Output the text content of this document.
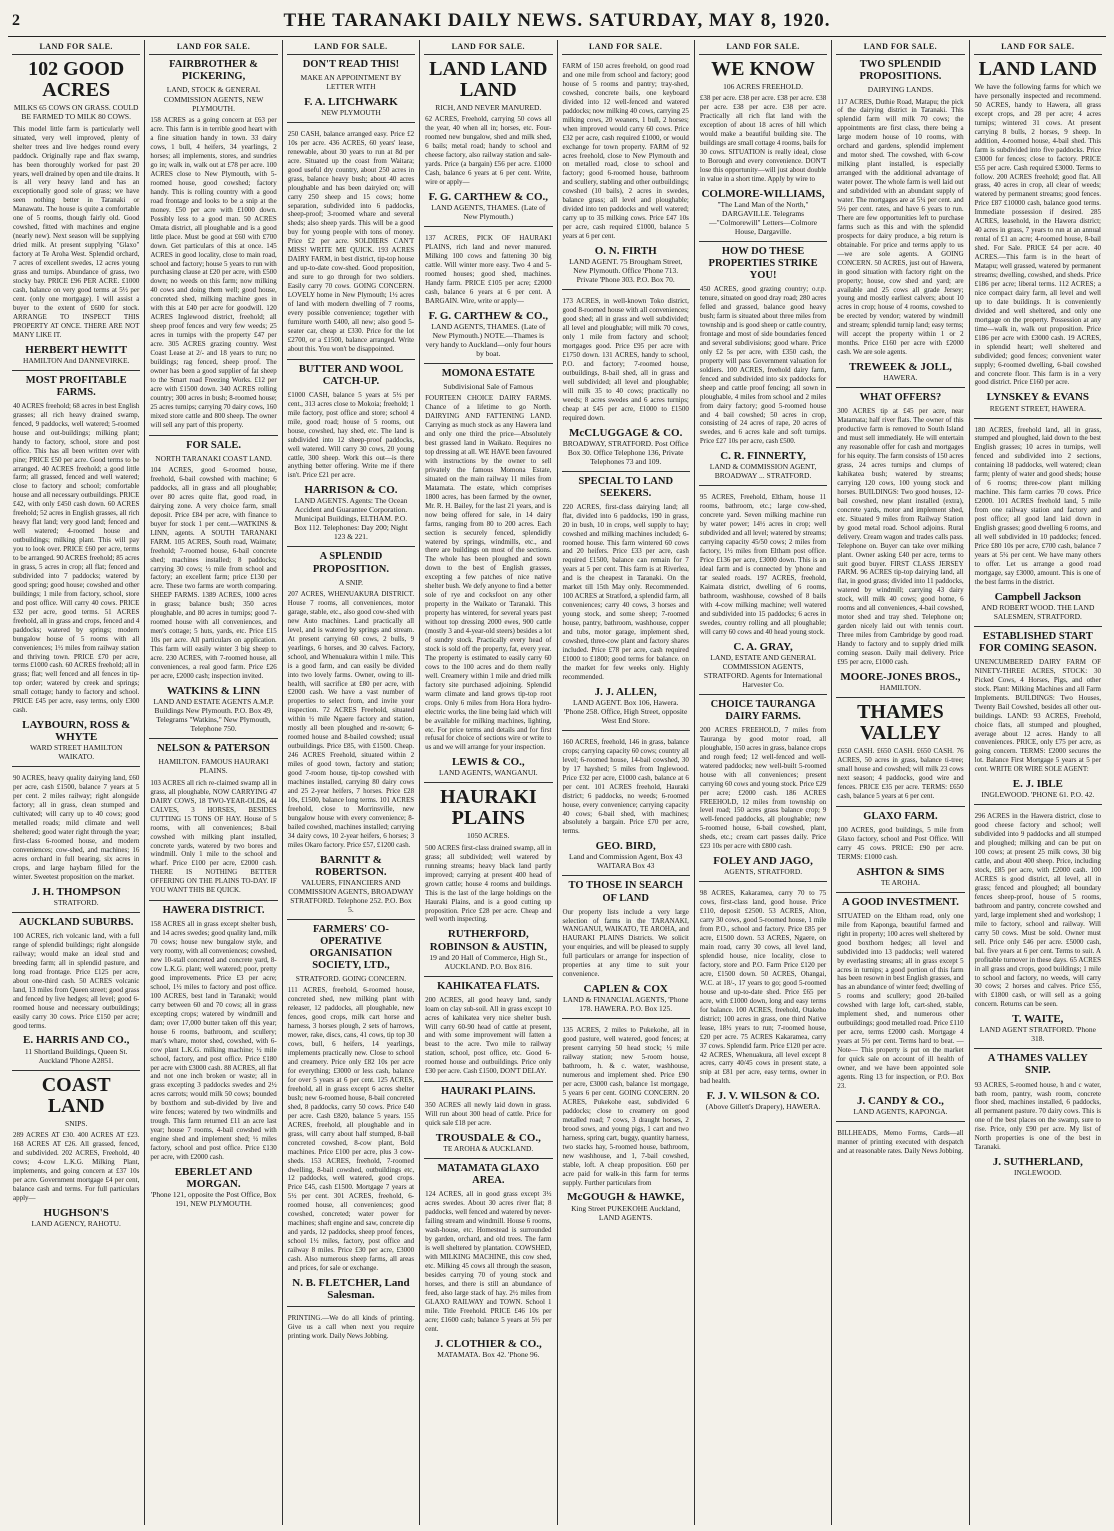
2	THE TARANAKI DAILY NEWS. SATURDAY, MAY 8, 1920.
LAND FOR SALE.
102 GOOD ACRES
MILKS 65 COWS ON GRASS. COULD BE FARMED TO MILK 80 COWS.
This model little farm is particularly well situated, very well improved, plenty of shelter trees and live hedges round every paddock. Originally rape and flax swamp, has been thoroughly worked for past 20 years, well drained by open and tile drains. It is all very heavy land and has an exceptionally good sole of grass; we have seen nothing better in Taranaki or Manawatu. The house is quite a comfortable one of 5 rooms, though fairly old. Good cowshed, fitted with machines and engine (nearly new). Next season will be supplying dried milk. At present supplying "Glaxo" factory at Te Aroha West. Splendid orchard, 7 acres of excellent swedes, 12 acres young grass and turnips. Abundance of grass, two stocky bay. PRICE £96 PER ACRE. £1000 cash, balance on very good terms at 5½ per cent. (only one mortgage). I will assist a buyer to the extent of £600 for stock. ARRANGE TO INSPECT THIS PROPERTY AT ONCE. THERE ARE NOT MANY LIKE IT.
HERBERT HEWITT
HAMILTON And DANNEVIRKE.
MOST PROFITABLE FARMS.
40 ACRES freehold; 68 acres in best English grasses; all rich heavy drained swamp, fenced, 9 paddocks, well watered; 5-roomed house and out-buildings; milking plant; handy to factory, school, store and post office. This has all been written over with pine; PRICE £50 per acre. Good terms to be arranged. 40 ACRES freehold; a good little farm; all grassed, fenced and well watered; close to factory and school; comfortable house and all necessary outbuildings. PRICE £42, with only £450 cash down. 60 ACRES freehold; 52 acres in English grasses, all rich heavy flat land; very good land; fenced and well watered; 4-roomed house and outbuildings; milking plant. This will pay you to look over. PRICE £60 per acre, terms to be arranged. 90 ACRES freehold; 85 acres in grass, 5 acres in crop; all flat; fenced and subdivided into 7 paddocks; watered by good spring; good house; cowshed and other buildings; 1 mile from factory, school, store and post office. Will carry 40 cows. PRICE £32 per acre, good terms. 51 ACRES freehold, all in grass and crops, fenced and 4 paddocks; watered by springs; modern bungalow house of 5 rooms with all conveniences; 1½ miles from railway station and thriving town. PRICE £70 per acre, terms £1000 cash. 60 ACRES freehold; all in grass; flat; well fenced and all fences in tip-top order; watered by creek and springs; small cottage; handy to factory and school. PRICE £45 per acre, easy terms, only £300 cash.
LAYBOURN, ROSS & WHYTE
WARD STREET HAMILTON WAIKATO.
90 ACRES, heavy quality dairying land, £60 per acre, cash £1500, balance 7 years at 5 per cent. 2 miles railway; right alongside factory; all in grass, clean stumped and cultivated; will carry up to 40 cows; good metalled roads; mild climate and well sheltered; good water right through the year; first-class 6-roomed house, and modern conveniences; cow-shed, and machines; 16 acres orchard in full bearing, six acres in crops, and large haybarn filled for the winter. Sweetest proposition on the market.
J. H. THOMPSON
STRATFORD.
AUCKLAND SUBURBS.
100 ACRES, rich volcanic land, with a full range of splendid buildings; right alongside railway; would make an ideal stud and breeding farm; all in splendid pasture, and long road frontage. Price £125 per acre, about one-third cash. 50 ACRES volcanic land, 13 miles from Queen street; good grass and fenced by live hedges; all level; good 6-roomed house and necessary outbuildings; easily carry 30 cows. Price £150 per acre; good terms.
E. HARRIS AND CO.,
11 Shortland Buildings, Queen St. Auckland 'Phone A2851.
COAST LAND
SNIPS.
289 ACRES AT £30. 400 ACRES AT £23. 168 ACRES AT £26. All grassed, fenced, and subdivided. 202 ACRES, Freehold, 40 cows; 4-cow L.K.G. Milking Plant, implements, and going concern at £37 10s per acre. Government mortgage £4 per cent, balance cash and terms. For full particulars apply—
HUGHSON'S
LAND AGENCY, RAHOTU.
LAND FOR SALE.
FAIRBROTHER & PICKERING,
LAND, STOCK & GENERAL COMMISSION AGENTS, NEW PLYMOUTH.
158 ACRES as a going concern at £63 per acre. This farm is in terrible good heart with a fine situation handy in town. 33 dairy cows, 1 bull, 4 heifers, 34 yearlings, 2 horses; all implements, stores, and sundries go in; walk in, walk out at £78 per acre. 100 ACRES close to New Plymouth, with 5-roomed house, good cowshed; factory handy. This is rolling country with a good road frontage and looks to be a snip at the money. £50 per acre with £1000 down. Possibly less to a good man. 50 ACRES Omata district, all ploughable and is a good little place. Must be good at £60 with £700 down. Get particulars of this at once. 145 ACRES in good locality, close to main road, school and factory; house 5 years to run with purchasing clause at £20 per acre, with £500 down; no weeds on this farm; now milking 40 cows and doing them well; good house, concreted shed, milking machine goes in with this at £40 per acre for goodwill. 120 ACRES Inglewood district, freehold; all sheep proof fences and very few weeds; 25 acres in turnips with the property £47 per acre. 305 ACRES grazing country. West Coast Lease at 2/- and 18 years to run; no buildings; rag fenced, sheep proof. The owner has been a good supplier of fat sheep to the Smart road Freezing Works. £12 per acre with £1500 down. 340 ACRES rolling country; 300 acres in bush; 8-roomed house; 25 acres turnips; carrying 70 dairy cows, 160 mixed store cattle and 800 sheep. The owner will sell any part of this property.
FOR SALE.
NORTH TARANAKI COAST LAND.
104 ACRES, good 6-roomed house, freehold, 6-bail cowshed with machine; 6 paddocks, all in grass and all ploughable; over 80 acres quite flat, good road, in dairying zone. A very choice farm, small deposit. Price £84 per acre, with finance to buyer for stock 1 per cent.—WATKINS & LINN, agents. A SOUTH TARANAKI FARM. 105 ACRES, South road, Waimate; freehold; 7-roomed house, 6-bail concrete shed; machines installed; 8 paddocks; carrying 30 cows; ½ mile from school and factory; an excellent farm; price £130 per acre. These two farms are worth comparing. SHEEP FARMS. 1389 ACRES, 1000 acres in grass; balance bush; 350 acres ploughable, and 80 acres in turnips; good 7-roomed house with all conveniences, and men's cottage; 5 huts, yards, etc. Price £15 10s per acre. All particulars on application. This farm will easily winter 3 big sheep to acre. 230 ACRES, with 7-roomed house, all conveniences, a real good farm. Price £26 per acre, £2000 cash; inspection invited.
WATKINS & LINN
LAND AND ESTATE AGENTS A.M.P. Buildings New Plymouth. P.O. Box 49, Telegrams "Watkins," New Plymouth, Telephone 750.
NELSON & PATERSON
HAMILTON. FAMOUS HAURAKI PLAINS.
103 ACRES all rich re-claimed swamp all in grass, all ploughable, NOW CARRYING 47 DAIRY COWS, 18 TWO-YEAR-OLDS, 44 CALVES, 3 HORSES, BESIDES CUTTING 15 TONS OF HAY. House of 5 rooms, with all conveniences; 8-bail cowshed with milking plant installed, concrete yards, watered by two bores and windmill. Only 1 mile to the school and wharf. Price £100 per acre, £2000 cash. THERE IS NOTHING BETTER OFFERING ON THE PLAINS TO-DAY. IF YOU WANT THIS BE QUICK.
HAWERA DISTRICT.
158 ACRES all in grass except shelter bush, and 14 acres swedes; good quality land, milk 70 cows; house new bungalow style, and very roomy, with all conveniences; cowshed, new 10-stall concreted and concrete yard, 8-cow L.K.G. plant; well watered; poor, pretty good improvements. Price £3 per acre; school, 1½ miles to factory and post office. 100 ACRES, best land in Taranaki; would carry between 60 and 70 cows; all in grass excepting crops; watered by windmill and dam; over 17,000 butter taken off this year; house 6 rooms, bathroom, and scullery; man's whare, motor shed, cowshed, with 6-cow plant L.K.G. milking machine; ½ mile school, factory, and post office. Price £180 per acre with £3000 cash. 88 ACRES, all flat and not one inch broken or waste; all in grass excepting 3 paddocks swedes and 2½ acres carrots; would milk 50 cows; bounded by boxthorn and sub-divided by live and wire fences; watered by two windmills and trough. This farm returned £11 an acre last year; house 7 rooms, 4-bail cowshed with engine shed and implement shed; ½ miles factory, school and post office. Price £130 per acre, with £2000 cash.
EBERLET AND MORGAN.
'Phone 121, opposite the Post Office, Box 191, NEW PLYMOUTH.
LAND FOR SALE.
DON'T READ THIS!
MAKE AN APPOINTMENT BY LETTER WITH
F. A. LITCHWARK
NEW PLYMOUTH
250 CASH, balance arranged easy. Price £2 10s per acre. 436 ACRES, 60 years' lease, renewable, about 30 years to run at 8d per acre. Situated up the coast from Waitara; good useful dry country, about 250 acres in grass, balance heavy bush; about 40 acres ploughable and has been dairyied on; will carry 250 sheep and 15 cows; home separation, subdivided into 6 paddocks, sheep-proof; 3-roomed whare and several sheds; also sheep yards. This will be a good buy for young people with tons of money. Price £2 per acre. SOLDIERS CAN'T MISS! WRITE ME QUICK. 193 ACRES DAIRY FARM, in best district, tip-top house and up-to-date cow-shed. Good proposition, and sure to go through for two soldiers. Easily carry 70 cows. GOING CONCERN. LOVELY home in New Plymouth; 1½ acres of land with modern dwelling of 7 rooms, every possible convenience; together with furniture worth £400, all new; also good 5-seater car, cheap at £330. Price for the lot £2700, or a £1500, balance arranged. Write about this. You won't be disappointed.
BUTTER AND WOOL CATCH-UP.
£1000 CASH, balance 5 years at 5½ per cent., 313 acres close to Mokoia; freehold; 1 mile factory, post office and store; school 4 mile, good road; house of 5 rooms, out house, cowshed, hay shed, etc. The land is subdivided into 12 sheep-proof paddocks, well watered. Will carry 30 cows, 20 young cattle, 300 sheep. Work this out—is there anything better offering. Write me if there isn't. Price £21 per acre.
HARRISON & CO.
LAND AGENTS. Agents: The Ocean Accident and Guarantee Corporation. Municipal Buildings, ELTHAM. P.O. Box 112. Telephones: Day 200; Night 123 & 221.
A SPLENDID PROPOSITION.
A SNIP.
207 ACRES, WHENUAKURA DISTRICT. House 7 rooms, all conveniences, motor garage, stable, etc., also good cow-shed with new Auto machines. Land practically all level, and is watered by springs and stream. At present carrying 60 cows, 2 bulls, 9 yearlings, 6 horses, and 30 calves. Factory, school, and Whenuakura within 1 mile. This is a good farm, and can easily be divided into two lovely farms. Owner, owing to ill-health, will sacrifice at £80 per acre, with £2000 cash. We have a vast number of properties to select from, and invite your inspection. 72 ACRES Freehold, situated within ½ mile Ngaere factory and station, mostly all been ploughed and re-sown; 6-roomed house and 8-bailed cowshed; usual outbuildings. Price £85, with £1500. Cheap. 246 ACRES Freehold, situated within 2 miles of good town, factory and station; good 7-room house, tip-top cowshed with machines installed, carrying 80 dairy cows and 25 2-year heifers, 7 horses. Price £28 10s, £1500, balance long terms. 101 ACRES freehold, close to Morrinsville, new bungalow house with every convenience; 8-bailed cowshed, machines installed; carrying 34 dairy cows, 10 2-year heifers, 6 horses; 3 miles Okaro factory. Price £57, £1200 cash.
BARNITT & ROBERTSON.
VALUERS, FINANCIERS AND COMMISSION AGENTS, BROADWAY STRATFORD. Telephone 252. P.O. Box 5.
FARMERS' CO-OPERATIVE ORGANISATION SOCIETY, LTD.,
STRATFORD. GOING CONCERN.
111 ACRES, freehold, 6-roomed house, concreted shed, new milking plant with releaser, 12 paddocks, all ploughable, new fences, good crops, milk cart horse and harness, 3 horses plough, 2 sets of harrows, mower, rake, discs, cans, 41 cows, tip top 30 cows, bull, 6 heifers, 14 yearlings, implements practically new. Close to school and creamery. Price only £82 10s per acre for everything; £3000 or less cash, balance for over 5 years at 6 per cent. 125 ACRES, freehold, all in grass except 6 acres shelter bush; new 6-roomed house, 8-bail concreted shed, 8 paddocks, carry 50 cows. Price £40 per acre. Cash £820, balance 5 years. 155 ACRES, freehold, all ploughable and in grass, will carry about half stumped, 8-bail concreted cowshed, 8-cow plant, Bold machines. Price £100 per acre, plus 3 cow-sheds. 153 ACRES, freehold, 7-roomed dwelling, 8-bail cowshed, outbuildings etc, 12 paddocks, well watered, good crops. Price £45, cash £1500. Mortgage 7 years at 5½ per cent. 301 ACRES, freehold, 6-roomed house, all conveniences; good cowshed, concreted; water power for machines; shaft engine and saw, concrete dip and yards, 12 paddocks, sheep proof fences, school 1½ miles, factory, post office and railway 8 miles. Price £30 per acre, £3000 cash. Also numerous sheep farms, all areas and prices, for sale or exchange.
N. B. FLETCHER, Land Salesman.
PRINTING.—We do all kinds of printing. Give us a call when next you require printing work. Daily News Jobbing.
LAND FOR SALE.
LAND LAND LAND
RICH, AND NEVER MANURED.
62 ACRES, Freehold, carrying 50 cows all the year, 40 when all in; horses, etc. Four-roomed new bungalow, shed and milk shed, 6 bails; metal road; handy to school and cheese factory, also railway station and sale-yards. Price (a bargain) £56 per acre. £1000 Cash, balance 6 years at 6 per cent. Write, wire or apply—
F. G. CARTHEW & CO.,
LAND AGENTS, THAMES. (Late of New Plymouth.)
137 ACRES, PICK OF HAURAKI PLAINS, rich land and never manured. Milking 100 cows and fattening 30 big cattle. Will winter more easy. Two 4 and 5-roomed houses; good shed, machines. Handy farm. PRICE £105 per acre; £2000 cash, balance 6 years at 6 per cent. A BARGAIN. Wire, write or apply—
F. G. CARTHEW & CO.,
LAND AGENTS, THAMES. (Late of New Plymouth.) NOTE.—Thames is very handy to Auckland—only four hours by boat.
MOMONA ESTATE
Subdivisional Sale of Famous
FOURTEEN CHOICE DAIRY FARMS. Chance of a lifetime to go North. DAIRYING AND FATTENING LAND. Carrying as much stock as any Hawera land and only one third the price—Absolutely best grassed land in Waikato. Requires no top dressing at all. WE HAVE been favoured with instructions by the owner to sell privately the famous Momona Estate, situated on the main railway 11 miles from Matamata. The estate, which comprises 1800 acres, has been farmed by the owner, Mr. R. H. Bailey, for the last 21 years, and is now being offered for sale, in 14 dairy farms, ranging from 80 to 200 acres. Each section is securely fenced, splendidly watered by springs, windmills, etc., and there are buildings on most of the sections. The whole has been ploughed and sown down to the best of English grasses, excepting a few patches of nice native shelter bush. We defy anyone to find a better sole of rye and cocksfoot on any other property in the Waikato or Taranaki. This property has wintered, for several years past without top dressing 2000 ewes, 900 cattle (mostly 3 and 4-year-old steers) besides a lot of sundry stock. Practically every head of stock is sold off the property, fat, every year. The property is estimated to easily carry 60 cows to the 100 acres and do them really well. Creamery within 1 mile and dried milk factory site purchased adjoining. Splendid warm climate and land grows tip-top root crops. Only 6 miles from Hora Hora hydro-electric works, the line being laid which will be available for milking machines, lighting, etc. For price terms and details and for first refusal for choice of sections wire or write to us and we will arrange for your inspection.
LEWIS & CO.,
LAND AGENTS, WANGANUI.
HAURAKI PLAINS
1050 ACRES.
500 ACRES first-class drained swamp, all in grass; all subdivided; well watered by running streams; heavy black land partly improved; carrying at present 400 head of grown cattle; house 4 rooms and buildings. This is the last of the large holdings on the Hauraki Plains, and is a good cutting up proposition. Price £28 per acre. Cheap and well worth inspecting.
RUTHERFORD, ROBINSON & AUSTIN,
19 and 20 Hall of Commerce, High St., AUCKLAND. P.O. Box 816.
KAHIKATEA FLATS.
200 ACRES, all good heavy land, sandy loam on clay sub-soil. All in grass except 10 acres of kahikatea very nice shelter bush. Will carry 60-90 head of cattle at present, and with some improvement will fatten a beast to the acre. Two mile to railway station, school, post office, etc. Good 6-roomed house and outbuildings. Price only £30 per acre. Cash £1500, DON'T DELAY.
HAURAKI PLAINS.
350 ACRES all newly laid down in grass. Will run about 300 head of cattle. Price for quick sale £18 per acre.
TROUSDALE & CO.,
TE AROHA & AUCKLAND.
MATAMATA GLAXO AREA.
124 ACRES, all in good grass except 3½ acres swedes. About 30 acres river flat; 8 paddocks, well fenced and watered by never-failing stream and windmill. House 6 rooms, wash-house, etc. Homestead is surrounded by garden, orchard, and old trees. The farm is well sheltered by plantation. COWSHED, with MILKING MACHINE, this cow shed, etc. Milking 45 cows all through the season, besides carrying 70 of young stock and horses, and there is still an abundance of feed, also large stack of hay. 2½ miles from GLAXO RAILWAY and TOWN. School 1 mile. Title Freehold. PRICE £46 10s per acre; £1600 cash; balance 5 years at 5½ per cent.
J. CLOTHIER & CO.,
MATAMATA. Box 42. 'Phone 96.
LAND FOR SALE.
FARM of 150 acres freehold, on good road and one mile from school and factory; good house of 5 rooms and pantry; tray-shed, cowshed, concrete bails, one keyboard divided into 12 well-fenced and watered paddocks; now milking 40 cows, carrying 25 milking cows, 20 weaners, 1 bull, 2 horses; when improved would carry 60 cows. Price £32 per acre, cash required £1000, or would exchange for town property. FARM of 92 acres freehold, close to New Plymouth and on metalled road, close to school and factory; good 6-roomed house, bathroom and scullery, stabling and other outbuildings; cowshed (10 bails), 2 acres in swedes, balance grass; all level and ploughable; divided into ten paddocks and well watered; carry up to 35 milking cows. Price £47 10s per acre, cash required £1000, balance 5 years at 6 per cent.
O. N. FIRTH
LAND AGENT. 75 Brougham Street, New Plymouth. Office 'Phone 713. Private 'Phone 303. P.O. Box 70.
173 ACRES, in well-known Toko district, good 8-roomed house with all conveniences; good shed; all in grass and well subdivided; all level and ploughable; will milk 70 cows, only 1 mile from factory and school; mortgages good. Price £95 per acre with £1750 down. 131 ACRES, handy to school, P.O. and factory; 7-roomed house, outbuildings, 8-bail shed, all in grass and well subdivided; all level and ploughable; will milk 35 to 40 cows; practically no weeds; 8 acres swedes and 6 acres turnips; cheap at £45 per acre, £1000 to £1500 required down.
McCLUGGAGE & CO.
BROADWAY, STRATFORD. Post Office Box 30. Office Telephone 136, Private Telephones 73 and 109.
SPECIAL TO LAND SEEKERS.
220 ACRES, first-class dairying land; all flat, divided into 6 paddocks, 190 in grass, 20 in bush, 10 in crops, well supply to hay; cowshed and milking machines included; 6-roomed house. This farm wintered 60 cows and 20 heifers. Price £33 per acre, cash required £1500, balance can remain for 7 years at 5 per cent. This farm is at Riverlea, and is the cheapest in Taranaki. On the market till 15th May only. Recommended. 100 ACRES at Stratford, a splendid farm, all conveniences; carry 40 cows, 3 horses and young stock, and some sheep; 7-roomed house, pantry, bathroom, washhouse, copper and tubs, motor garage, implement shed, cowshed, three-cow plant and factory shares included. Price £78 per acre, cash required £1000 to £1800; good terms for balance. on the market for few weeks only. Highly recommended.
J. J. ALLEN,
LAND AGENT. Box 106, Hawera. 'Phone 258. Office, High Street, opposite West End Store.
160 ACRES, freehold, 146 in grass, balance crops; carrying capacity 60 cows; country all level; 6-roomed house, 14-bail cowshed, 30 by 17 hayshed; 5 miles from Inglewood. Price £32 per acre, £1000 cash, balance at 6 per cent. 101 ACRES freehold, Hauraki district; 6 paddocks, no weeds; 6-roomed house, every convenience; carrying capacity 40 cows; 6-bail shed, with machines; absolutely a bargain. Price £70 per acre, terms.
GEO. BIRD,
Land and Commission Agent, Box 43 WAITARA Box 43
TO THOSE IN SEARCH OF LAND
Our property lists include a very large selection of farms in the TARANAKI, WANGANUI, WAIKATO, TE AROHA, and HAURAKI PLAINS Districts. We solicit your enquiries, and will be pleased to supply full particulars or arrange for inspection of properties at any time to suit your convenience.
CAPLEN & COX
LAND & FINANCIAL AGENTS, 'Phone 178. HAWERA. P.O. Box 125.
135 ACRES, 2 miles to Pukekohe, all in good pasture, well watered, good fences; at present carrying 50 head stock; ½ mile railway station; new 5-room house, bathroom, h. & c. water, washhouse, numerous and implement shed. Price £90 per acre, £3000 cash, balance 1st mortgage, 5 years 6 per cent. GOING CONCERN. 20 ACRES, Pukekohe east, subdivided 6 paddocks; close to creamery on good metalled road; 7 cows, 3 draught horses, 2 brood sows, and young pigs, 1 cart and two harness, spring cart, buggy, quantity harness, two stacks hay, 5-roomed house, bathroom, new washhouse, and 1, 7-bail cowshed, stable, loft. A cheap proposition. £60 per acre paid for walk-in this farm for terms supply. Further particulars from
McGOUGH & HAWKE,
King Street PUKEKOHE Auckland, LAND AGENTS.
LAND FOR SALE.
WE KNOW
106 ACRES FREEHOLD.
£38 per acre. £38 per acre. £38 per acre. £38 per acre. £38 per acre. £38 per acre. Practically all rich flat land with the exception of about 18 acres of hill which would make a beautiful building site. The buildings are small cottage 4 rooms, bails for 30 cows. SITUATION is really ideal, close to Borough and every convenience. DON'T lose this opportunity—will just about double in value in a short time. Apply by wire to
COLMORE-WILLIAMS,
"The Land Man of the North," DARGAVILLE. Telegrams—"Colmorewill" Letters—Colmore House, Dargaville.
HOW DO THESE PROPERTIES STRIKE YOU!
450 ACRES, good grazing country; o.r.p. tenure, situated on good dray road; 280 acres felled and grassed, balance good heavy bush; farm is situated about three miles from township and is good sheep or cattle country, frontage and most of side boundaries fenced and several subdivisions; good whare. Price only £2 5s per acre, with £350 cash, the property will pass Government valuation for soldiers. 100 ACRES, freehold dairy farm, fenced and subdivided into six paddocks for sheep and cattle proof fencing; all sown in ploughable, 4 miles from school and 2 miles from dairy factory; good 5-roomed house and 4 bail cowshed; 50 acres in crop, consisting of 24 acres of rape, 20 acres of swedes, and 6 acres kale and soft turnips. Price £27 10s per acre, cash £500.
C. R. FINNERTY,
LAND & COMMISSION AGENT, BROADWAY ... STRATFORD.
95 ACRES, Freehold, Eltham, house 11 rooms, bathroom, etc.; large cow-shed, concrete yard. Seven milking machine run by water power; 14½ acres in crop; well subdivided and all level; watered by streams; carrying capacity 45/50 cows; 2 miles from factory, 1½ miles from Eltham post office. Price £136 per acre, £3000 down. This is an ideal farm and is connected by 'phone and tar sealed roads. 197 ACRES, freehold, Kaimata district, dwelling of 6 rooms, bathroom, washhouse, cowshed of 8 bails with 4-cow milking machine; well watered and subdivided into 15 paddocks; 6 acres in swedes, country rolling and all ploughable; will carry 60 cows and 40 head young stock.
C. A. GRAY,
LAND, ESTATE AND GENERAL COMMISSION AGENTS, STRATFORD. Agents for International Harvester Co.
CHOICE TAURANGA DAIRY FARMS.
200 ACRES FREEHOLD, 7 miles from Tauranga by good motor road, all ploughable, 150 acres in grass, balance crops and rough feed; 12 well-fenced and well-watered paddocks; new well-built 5-roomed house with all conveniences; present carrying 60 cows and young stock. Price £29 per acre; £2000 cash. 186 ACRES FREEHOLD, 12 miles from township on level road; 150 acres grass balance crop; 9 well-fenced paddocks, all ploughable; new 5-roomed house, 6-bail cowshed, plant, sheds, etc.; cream cart passes daily. Price £23 10s per acre with £800 cash.
FOLEY AND JAGO,
AGENTS, STRATFORD.
98 ACRES, Kakaramea, carry 70 to 75 cows, first-class land, good house. Price £110, deposit £2500. 53 ACRES, Alton, carry 30 cows, good 5-roomed house, 1 mile from P.O., school and factory. Price £85 per acre, £1500 down. 53 ACRES, Ngaere, on main road, carry 30 cows, all level land, splendid house, nice locality, close to factory, store and P.O. Farm Price £120 per acre, £1500 down. 50 ACRES, Ohangai, W.C. at 18/-, 17 years to go; good 5-roomed house and up-to-date shed. Price £65 per acre, with £1000 down, long and easy terms for balance. 100 ACRES, freehold, Otakeho district; 100 acres in grass, one third Native lease, 18½ years to run; 7-roomed house, £20 per acre. 75 ACRES Kakaramea, carry 37 cows. Splendid farm. Price £120 per acre. 42 ACRES, Whenuakura, all level except 8 acres, carry 40/45 cows in present state, a snip at £81 per acre, easy terms, owner in bad health.
F. J. V. WILSON & CO.
(Above Gillett's Drapery), HAWERA.
LAND FOR SALE.
TWO SPLENDID PROPOSITIONS.
DAIRYING LANDS.
117 ACRES, Duthie Road, Matapu; the pick of the dairying district in Taranaki. This splendid farm will milk 70 cows; the appointments are first class, there being a large modern house of 10 rooms, with orchard and gardens, splendid implement and motor shed. The cowshed, with 6-cow milking plant installed, is especially arranged with the additional advantage of water power. The whole farm is well laid out and subdivided with an abundant supply of water. The mortgages are at 5¼ per cent. and 5½ per cent. rates, and have 6 years to run. There are few opportunities left to purchase farms such as this and with the splendid prospects for dairy produce, a big return is obtainable. For price and terms apply to us—we are sole agents. A GOING CONCERN. 50 ACRES, just out of Hawera, in good situation with factory right on the property; house, cow shed and yard; are available and 25 cows all grade Jersey; young and mostly earliest calvers; about 10 acres in crop; house of 4 rooms, cowshed to be erected by vendor; watered by windmill and stream; splendid turnip land; easy terms; will accept the property within 1 or 2 months. Price £160 per acre with £2000 cash. We are sole agents.
TREWEEK & JOLL,
HAWERA.
WHAT OFFERS?
300 ACRES tip at £45 per acre, near Matamata; half river flats. The owner of this productive farm is removed to South Island and must sell immediately. He will entertain any reasonable offer for cash and mortgages for his equity. The farm consists of 150 acres grass, 24 acres turnips and clumps of kahikatea bush; watered by streams; carrying 120 cows, 100 young stock and horses. BUILDINGS: Two good houses, 12-bail cowshed, new plant installed (extra), concrete yards, motor and implement shed, etc. Situated 9 miles from Railway Station by good metal road. School adjoins. Rural delivery. Cream wagon and trades calls pass. Telephone on. Buyer can take over milking plant. Owner asking £40 per acre, terms to suit good buyer. FIRST CLASS JERSEY FARM. 96 ACRES tip-top dairying land, all flat, in good grass; divided into 11 paddocks, watered by windmill; carrying 43 dairy stock, will milk 40 cows; good home, 6 rooms and all conveniences, 4-bail cowshed, motor shed and tray shed. Telephone on; garden nicely laid out with tennis court. Three miles from Cambridge by good road. Handy to factory and to supply dried milk coming season. Daily mail delivery. Price £95 per acre, £1000 cash.
MOORE-JONES BROS.,
HAMILTON.
THAMES VALLEY
£650 CASH. £650 CASH. £650 CASH. 76 ACRES, 50 acres in grass, balance ti-tree; small house and cowshed; will milk 23 cows next season; 4 paddocks, good wire and fences. PRICE £35 per acre. TERMS: £650 cash, balance 5 years at 6 per cent.
GLAXO FARM.
100 ACRES, good buildings, 5 mile from Glaxo factory, school and Post Office. Will carry 45 cows. PRICE: £90 per acre. TERMS: £1000 cash.
ASHTON & SIMS
TE AROHA.
A GOOD INVESTMENT.
SITUATED on the Eltham road, only one mile from Kaponga, beautiful farmed and right in property; 100 acres well sheltered by good boxthorn hedges; all level and subdivided into 13 paddocks; well watered by everlasting streams; all in grass except 5 acres in turnips; a good portion of this farm has been resown in best English grasses, and has an abundance of winter feed; dwelling of 5 rooms and scullery; good 20-bailed cowshed with large loft, cart-shed, stable, implement shed, and numerous other outbuildings; good metalled road. Price £110 per acre, terms £2000 cash. Mortgage 4 years at 5½ per cent. Terms hard to beat. —Note— This property is put on the market for quick sale on account of ill health of owner, and we have been appointed sole agents. Ring 13 for inspection, or P.O. Box 23.
J. CANDY & CO.,
LAND AGENTS, KAPONGA.
BILLHEADS, Memo Forms, Cards—all manner of printing executed with despatch and at reasonable rates. Daily News Jobbing.
LAND FOR SALE.
LAND LAND
We have the following farms for which we have personally inspected and recommend. 50 ACRES, handy to Hawera, all grass except crops, and 28 per acre; 4 acres turnips; wintered 31 cows. At present carrying 8 bulls, 2 horses, 9 sheep. In addition, 4-roomed house, 4-bail shed. This farm is subdivided into five paddocks. Price £3000 for fences; close to factory. PRICE £55 per acre. Cash required £3000. Terms to follow. 200 ACRES freehold; good flat. All grass, 40 acres in crop, all clear of weeds; watered by permanent streams; good fences. Price £87 £10000 cash, balance good terms. Immediate possession if desired. 285 ACRES, leasehold, in the Hawera district; 40 acres in grass, 7 years to run at an annual rental of £1 an acre; 4-roomed house, 8-bail shed. For Sale. PRICE £4 per acre. 40 ACRES.—This farm is in the heart of Matapu; well grassed, watered by permanent streams; dwelling, cowshed, and sheds. Price £186 per acre; liberal terms. 112 ACRES; a nice compact dairy farm, all level and well up to date buildings. It is conveniently divided and well sheltered, and only one mortgage on the property. Possession at any time—walk in, walk out proposition. Price £186 per acre with £3000 cash. 19 ACRES, in splendid heart; well sheltered and subdivided; good fences; convenient water supply; 6-roomed dwelling, 6-bail cowshed and concrete floor. This farm is in a very good district. Price £160 per acre.
LYNSKEY & EVANS
REGENT STREET, HAWERA.
180 ACRES, freehold land, all in grass, stumped and ploughed, laid down to the best English grasses; 10 acres in turnips, well fenced and subdivided into 2 sections, containing 18 paddocks, well watered; clean farm; plenty of water and good sheds; house of 6 rooms; three-cow plant milking machine. This farm carries 70 cows. Price £2000. 101 ACRES freehold land, 5 mile from one railway station and factory and post office; all good land laid down in English grasses; good dwelling 6 rooms, and all well subdivided in 10 paddocks; fenced. Price £80 10s per acre, £700 cash, balance 7 years at 5¼ per cent. We have many others to offer. Let us arrange a good road mortgage, say £3000, amount. This is one of the best farms in the district.
Campbell Jackson
AND ROBERT WOOD. THE LAND SALESMEN, STRATFORD.
ESTABLISHED START FOR COMING SEASON.
UNENCUMBERED DAIRY FARM OF NINETY-THREE ACRES, STOCK: 30 Picked Cows, 4 Horses, Pigs, and other stock. Plant: Milking Machines and all Farm Implements. BUILDINGS: Two Houses, Twenty Bail Cowshed, besides all other out-buildings. LAND: 93 ACRES, Freehold, choice flats, all stumped and ploughed, average about 12 acres. Handy to all conveniences. PRICE, only £75 per acre, as going concern. TERMS: £2000 secures the lot. Balance First Mortgage 5 years at 5 per cent. WRITE OR WIRE SOLE AGENT:
E. J. IBLE
INGLEWOOD. 'PHONE 61. P.O. 42.
296 ACRES in the Hawera district, close to good cheese factory and school; well subdivided into 9 paddocks and all stumped and ploughed; milking and can be put on 100 cows; at present 25 milk cows, 30 big cattle, and about 400 sheep. Price, including stock, £85 per acre, with £2000 cash. 100 ACRES is good district, all level, all in grass; fenced and ploughed; all boundary fences sheep-proof, house of 5 rooms, bathroom and pantry, concrete cowshed and yard, large implement shed and workshop; 1 mile to factory, school and railway. Will carry 50 cows. Must be sold. Owner must sell. Price only £46 per acre. £5000 cash, bal. five years at 6 per cent. Terms to suit. A profitable turnover in these days. 65 ACRES in all grass and crops, good buildings; 1 mile to school and factory, no weeds, will carry 30 cows; 2 horses and calves. Price £55, with £1800 cash, or will sell as a going concern. Returns can be seen.
T. WAITE,
LAND AGENT STRATFORD. 'Phone 318.
A THAMES VALLEY SNIP.
93 ACRES, 5-roomed house, h and c water, bath room, pantry, wash room, concrete floor shed, machines installed, 6 paddocks, all permanent pasture. 70 dairy cows. This is one of the best places on the swamp, sure to rise. Price, only £90 per acre. My list of North properties is one of the best in Taranaki.
J. SUTHERLAND,
INGLEWOOD.
